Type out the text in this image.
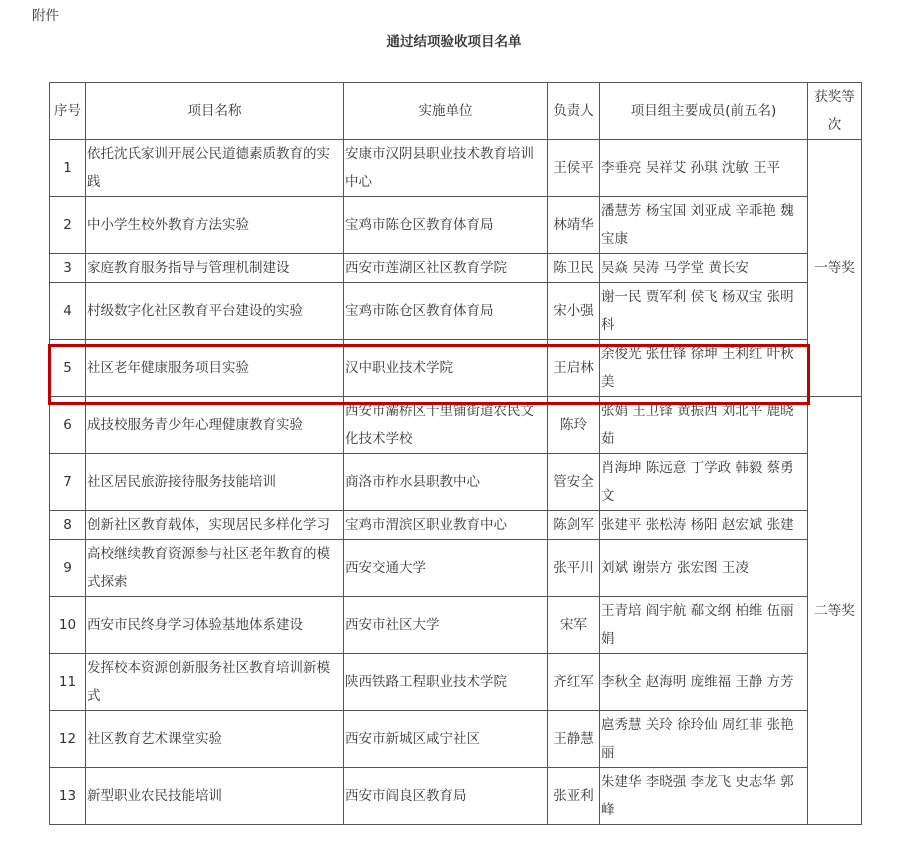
附件
通过结项验收项目名单
序号	项目名称	实施单位	负责人	项目组主要成员(前五名)	获奖等次
1	依托沈氏家训开展公民道德素质教育的实践	安康市汉阴县职业技术教育培训中心	王侯平	李垂亮 吴祥艾 孙琪 沈敏 王平	一等奖
2	中小学生校外教育方法实验	宝鸡市陈仓区教育体育局	林靖华	潘慧芳 杨宝国 刘亚成 辛乖艳 魏宝康	
3	家庭教育服务指导与管理机制建设	西安市莲湖区社区教育学院	陈卫民	吴焱 吴涛 马学堂 黄长安	
4	村级数字化社区教育平台建设的实验	宝鸡市陈仓区教育体育局	宋小强	谢一民 贾军利 侯飞 杨双宝 张明科	
5	社区老年健康服务项目实验	汉中职业技术学院	王启林	余俊光 张仕锋 徐坤 王利红 叶秋美	
6	成技校服务青少年心理健康教育实验	西安市灞桥区十里铺街道农民文化技术学校	陈玲	张娟 王卫锋 黄振西 刘北平 鹿晓茹	二等奖
7	社区居民旅游接待服务技能培训	商洛市柞水县职教中心	管安全	肖海坤 陈远意 丁学政 韩毅 蔡勇文	
8	创新社区教育载体，实现居民多样化学习	宝鸡市渭滨区职业教育中心	陈剑军	张建平 张松涛 杨阳 赵宏斌 张建	
9	高校继续教育资源参与社区老年教育的模式探索	西安交通大学	张平川	刘斌 谢崇方 张宏图 王凌	
10	西安市民终身学习体验基地体系建设	西安市社区大学	宋军	王青培 阎宇航 郗文纲 柏维 伍丽娟	
11	发挥校本资源创新服务社区教育培训新模式	陕西铁路工程职业技术学院	齐红军	李秋全 赵海明 庞维福 王静 方芳	
12	社区教育艺术课堂实验	西安市新城区咸宁社区	王静慧	扈秀慧 关玲 徐玲仙 周红菲 张艳丽	
13	新型职业农民技能培训	西安市阎良区教育局	张亚利	朱建华 李晓强 李龙飞 史志华 郭峰	
